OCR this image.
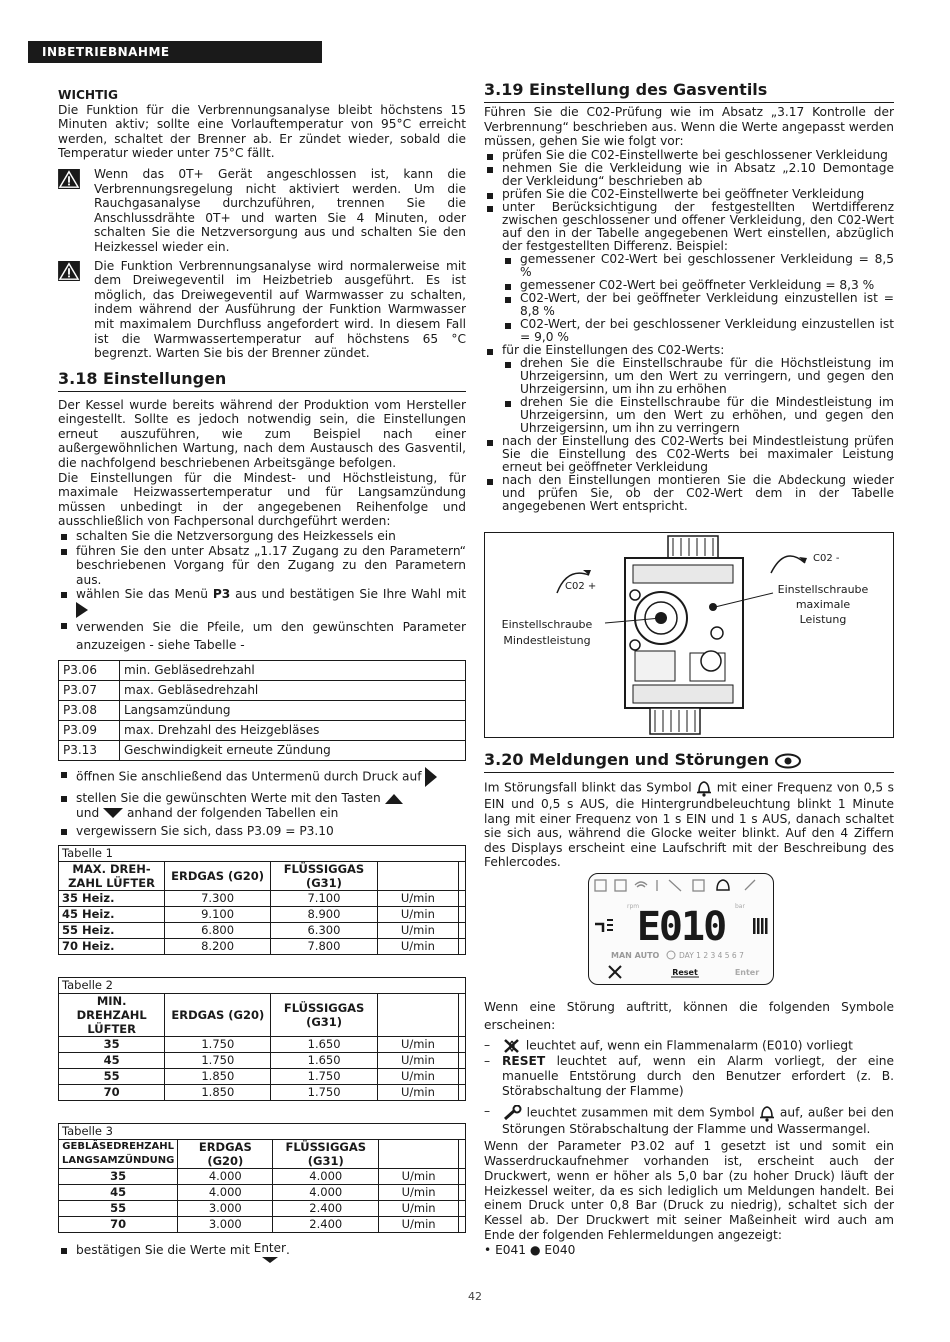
INBETRIEBNAHME
WICHTIG

Die Funktion für die Verbrennungsanalyse bleibt höchstens 15 Minuten aktiv; sollte eine Vorlauftemperatur von 95°C erreicht werden, schaltet der Brenner ab. Er zündet wieder, sobald die Temperatur wieder unter 75°C fällt.

Wenn das 0T+ Gerät angeschlossen ist, kann die Verbrennungsregelung nicht aktiviert werden. Um die Rauchgasanalyse durchzuführen, trennen Sie die Anschlussdrähte 0T+ und warten Sie 4 Minuten, oder schalten Sie die Netzversorgung aus und schalten Sie den Heizkessel wieder ein.

Die Funktion Verbrennungsanalyse wird normalerweise mit dem Dreiwegeventil im Heizbetrieb ausgeführt. Es ist möglich, das Dreiwegeventil auf Warmwasser zu schalten, indem während der Ausführung der Funktion Warmwasser mit maximalem Durchfluss angefordert wird. In diesem Fall ist die Warmwassertemperatur auf höchstens 65 °C begrenzt. Warten Sie bis der Brenner zündet.

3.18 Einstellungen

Der Kessel wurde bereits während der Produktion vom Hersteller eingestellt. Sollte es jedoch notwendig sein, die Einstellungen erneut auszuführen, wie zum Beispiel nach einer außergewöhnlichen Wartung, nach dem Austausch des Gasventil, die nachfolgend beschriebenen Arbeitsgänge befolgen.

Die Einstellungen für die Mindest- und Höchstleistung, für maximale Heizwassertemperatur und für Langsamzündung müssen unbedingt in der angegebenen Reihenfolge und ausschließlich von Fachpersonal durchgeführt werden:

schalten Sie die Netzversorgung des Heizkessels ein
führen Sie den unter Absatz „1.17 Zugang zu den Parametern“ beschriebenen Vorgang für den Zugang zu den Parametern aus.
wählen Sie das Menü P3 aus und bestätigen Sie Ihre Wahl mit
verwenden Sie die Pfeile, um den gewünschten Parameter anzuzeigen - siehe Tabelle -
P3.06	min. Gebläsedrehzahl
P3.07	max. Gebläsedrehzahl
P3.08	Langsamzündung
P3.09	max. Drehzahl des Heizgebläses
P3.13	Geschwindigkeit erneute Zündung
öffnen Sie anschließend das Untermenü durch Druck auf
stellen Sie die gewünschten Werte mit den Tasten
und anhand der folgenden Tabellen ein
vergewissern Sie sich, dass P3.09 = P3.10
Tabelle 1				
MAX. DREH-ZAHL LÜFTER	ERDGAS (G20)	FLÜSSIGGAS (G31)		
35 Heiz.	7.300	7.100	U/min	
45 Heiz.	9.100	8.900	U/min	
55 Heiz.	6.800	6.300	U/min	
70 Heiz.	8.200	7.800	U/min	
Tabelle 2				
MIN. DREHZAHL LÜFTER	ERDGAS (G20)	FLÜSSIGGAS (G31)		
35	1.750	1.650	U/min	
45	1.750	1.650	U/min	
55	1.850	1.750	U/min	
70	1.850	1.750	U/min	
Tabelle 3				
GEBLÄSEDREHZAHL LANGSAMZÜNDUNG	ERDGAS (G20)	FLÜSSIGGAS (G31)		
35	4.000	4.000	U/min	
45	4.000	4.000	U/min	
55	3.000	2.400	U/min	
70	3.000	2.400	U/min	
bestätigen Sie die Werte mit Enter
.
3.19 Einstellung des Gasventils

Führen Sie die C02-Prüfung wie im Absatz „3.17 Kontrolle der Verbrennung“ beschrieben aus. Wenn die Werte angepasst werden müssen, gehen Sie wie folgt vor:

prüfen Sie die C02-Einstellwerte bei geschlossener Verkleidung
nehmen Sie die Verkleidung wie in Absatz „2.10 Demontage der Verkleidung“ beschrieben ab
prüfen Sie die C02-Einstellwerte bei geöffneter Verkleidung
unter Berücksichtigung der festgestellten Wertdifferenz zwischen geschlossener und offener Verkleidung, den C02-Wert auf den in der Tabelle angegebenen Wert einstellen, abzüglich der festgestellten Differenz. Beispiel:
gemessener C02-Wert bei geschlossener Verkleidung = 8,5 %
gemessener C02-Wert bei geöffneter Verkleidung = 8,3 %
C02-Wert, der bei geöffneter Verkleidung einzustellen ist = 8,8 %
C02-Wert, der bei geschlossener Verkleidung einzustellen ist = 9,0 %
für die Einstellungen des C02-Werts:
drehen Sie die Einstellschraube für die Höchstleistung im Uhrzeigersinn, um den Wert zu verringern, und gegen den Uhrzeigersinn, um ihn zu erhöhen
drehen Sie die Einstellschraube für die Mindestleistung im Uhrzeigersinn, um den Wert zu erhöhen, und gegen den Uhrzeigersinn, um ihn zu verringern
nach der Einstellung des C02-Werts bei Mindestleistung prüfen Sie die Einstellung des C02-Werts bei maximaler Leistung erneut bei geöffneter Verkleidung
nach den Einstellungen montieren Sie die Abdeckung wieder und prüfen Sie, ob der C02-Wert dem in der Tabelle angegebenen Wert entspricht.
C02 -
C02 +	Einstellschraube
maximale
Leistung
Einstellschraube
Mindestleistung
3.20 Meldungen und Störungen

Im Störungsfall blinkt das Symbol mit einer Frequenz von 0,5 s EIN und 0,5 s AUS, die Hintergrundbeleuchtung blinkt 1 Minute lang mit einer Frequenz von 1 s EIN und 1 s AUS, danach schaltet sie sich aus, während die Glocke weiter blinkt. Auf den 4 Ziffern des Displays erscheint eine Laufschrift mit der Beschreibung des Fehlercodes.

E010
rpm	bar
MAN AUTO	DAY 1 2 3 4 5 6 7
Reset	Enter

Wenn eine Störung auftritt, können die folgenden Symbole erscheinen:

– leuchtet auf, wenn ein Flammenalarm (E010) vorliegt
– RESET leuchtet auf, wenn ein Alarm vorliegt, der eine manuelle Entstörung durch den Benutzer erfordert (z. B. Störabschaltung der Flamme)
– leuchtet zusammen mit dem Symbol auf, außer bei den Störungen Störabschaltung der Flamme und Wassermangel.

Wenn der Parameter P3.02 auf 1 gesetzt ist und somit ein Wasserdruckaufnehmer vorhanden ist, erscheint auch der Druckwert, wenn er höher als 5,0 bar (zu hoher Druck) läuft der Heizkessel weiter, da es sich lediglich um Meldungen handelt. Bei einem Druck unter 0,8 Bar (Druck zu niedrig), schaltet sich der Kessel ab. Der Druckwert mit seiner Maßeinheit wird auch am Ende der folgenden Fehlermeldungen angezeigt:

• E041 ● E040
42
